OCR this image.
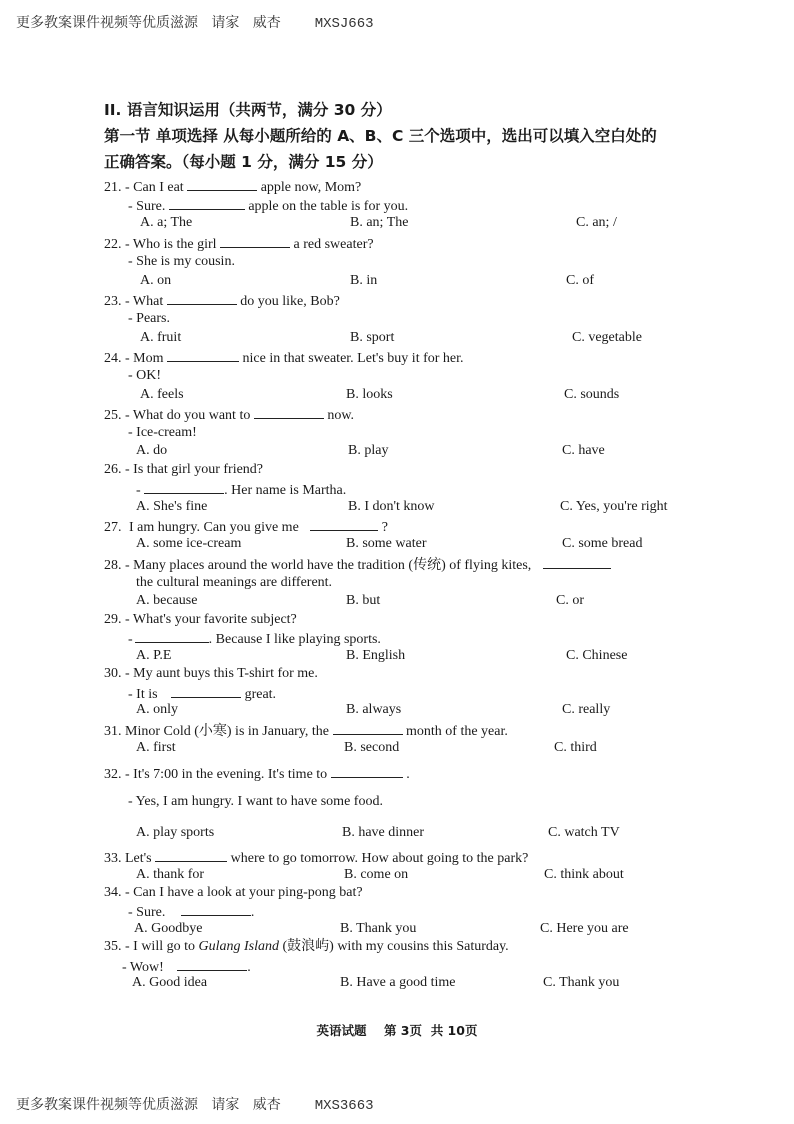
更多教案课件视频等优质滋源   请家   威杏 MXSJ663
II. 语言知识运用（共两节，满分 30 分）
第一节 单项选择 从每小题所给的 A、B、C 三个选项中，选出可以填入空白处的
正确答案。（每小题 1 分，满分 15 分）
21. - Can I eat	apple now, Mom?
- Sure.	apple on the table is for you.
A. a; The	B. an; The	C. an; /
22. - Who is the girl	a red sweater?
- She is my cousin.
A. on	B. in	C. of
23. - What	do you like, Bob?
- Pears.
A. fruit	B. sport	C. vegetable
24. - Mom	nice in that sweater. Let's buy it for her.
- OK!
A. feels	B. looks	C. sounds
25. - What do you want to	now.
- Ice-cream!
A. do	B. play	C. have
26. - Is that girl your friend?
-	. Her name is Martha.
A. She's fine	B. I don't know	C. Yes, you're right
27. I am hungry. Can you give me	?
A. some ice-cream	B. some water	C. some bread
28. - Many places around the world have the tradition (传统) of flying kites,
the cultural meanings are different.
A. because	B. but	C. or
29. - What's your favorite subject?
-	. Because I like playing sports.
A. P.E	B. English	C. Chinese
30. - My aunt buys this T-shirt for me.
- It is	great.
A. only	B. always	C. really
31. Minor Cold (小寒) is in January, the	month of the year.
A. first	B. second	C. third
32. - It's 7:00 in the evening. It's time to	.
- Yes, I am hungry. I want to have some food.
A. play sports	B. have dinner	C. watch TV
33. Let's	where to go tomorrow. How about going to the park?
A. thank for	B. come on	C. think about
34. - Can I have a look at your ping-pong bat?
- Sure.	.
A. Goodbye	B. Thank you	C. Here you are
35. - I will go to Gulang Island (鼓浪屿) with my cousins this Saturday.
- Wow!	.
A. Good idea	B. Have a good time	C. Thank you
英语试题    第 3页  共 10页
更多教案课件视频等优质滋源   请家   威杏 MXS3663
